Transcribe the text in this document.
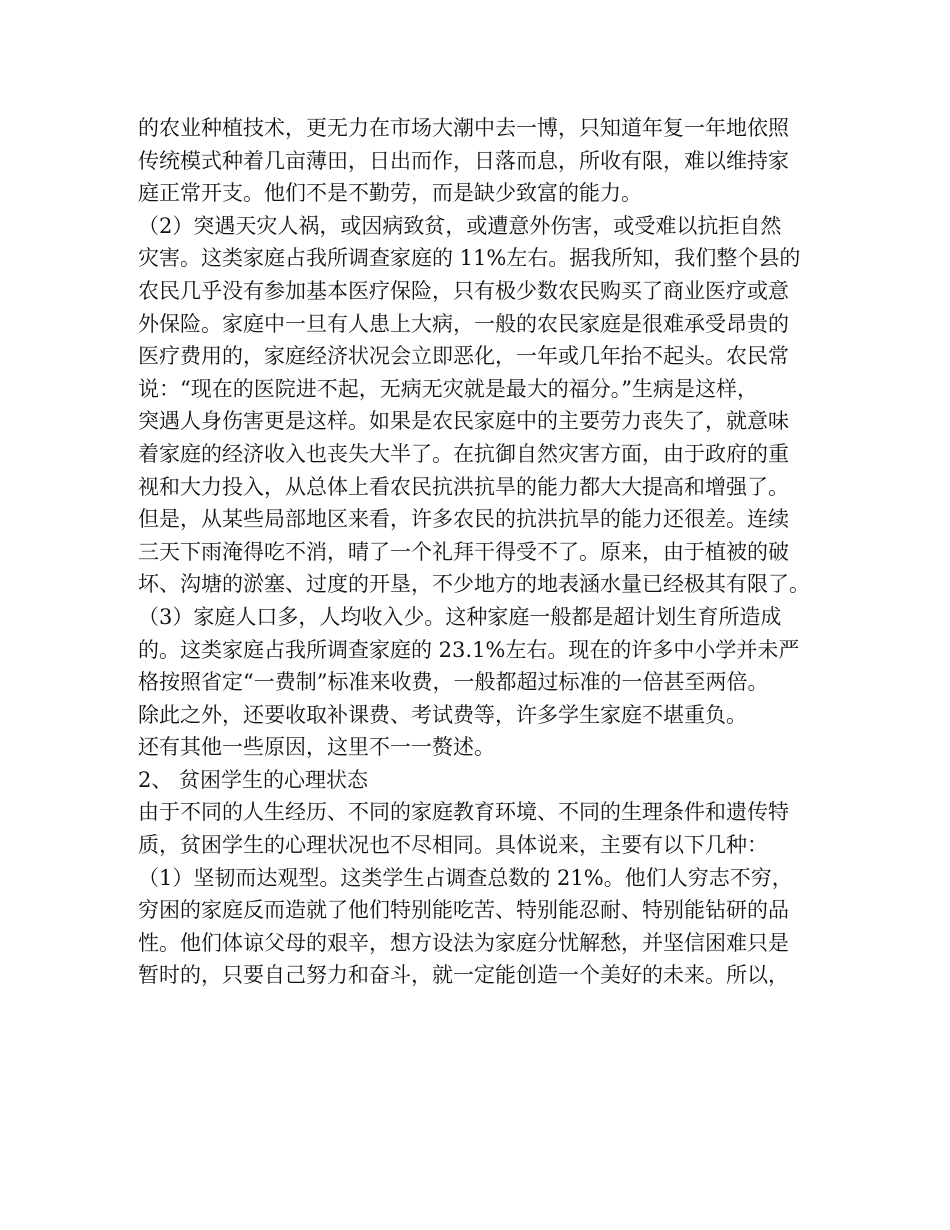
的农业种植技术，更无力在市场大潮中去一博，只知道年复一年地依照
传统模式种着几亩薄田，日出而作，日落而息，所收有限，难以维持家
庭正常开支。他们不是不勤劳，而是缺少致富的能力。
（2）突遇天灾人祸，或因病致贫，或遭意外伤害，或受难以抗拒自然
灾害。这类家庭占我所调查家庭的 11%左右。据我所知，我们整个县的
农民几乎没有参加基本医疗保险，只有极少数农民购买了商业医疗或意
外保险。家庭中一旦有人患上大病，一般的农民家庭是很难承受昂贵的
医疗费用的，家庭经济状况会立即恶化，一年或几年抬不起头。农民常
说：“现在的医院进不起，无病无灾就是最大的福分。”生病是这样，
突遇人身伤害更是这样。如果是农民家庭中的主要劳力丧失了，就意味
着家庭的经济收入也丧失大半了。在抗御自然灾害方面，由于政府的重
视和大力投入，从总体上看农民抗洪抗旱的能力都大大提高和增强了。
但是，从某些局部地区来看，许多农民的抗洪抗旱的能力还很差。连续
三天下雨淹得吃不消，晴了一个礼拜干得受不了。原来，由于植被的破
坏、沟塘的淤塞、过度的开垦，不少地方的地表涵水量已经极其有限了。
（3）家庭人口多，人均收入少。这种家庭一般都是超计划生育所造成
的。这类家庭占我所调查家庭的 23.1%左右。现在的许多中小学并未严
格按照省定“一费制”标准来收费，一般都超过标准的一倍甚至两倍。
除此之外，还要收取补课费、考试费等，许多学生家庭不堪重负。
还有其他一些原因，这里不一一赘述。
2、 贫困学生的心理状态
由于不同的人生经历、不同的家庭教育环境、不同的生理条件和遗传特
质，贫困学生的心理状况也不尽相同。具体说来，主要有以下几种：
（1）坚韧而达观型。这类学生占调查总数的 21%。他们人穷志不穷，
穷困的家庭反而造就了他们特别能吃苦、特别能忍耐、特别能钻研的品
性。他们体谅父母的艰辛，想方设法为家庭分忧解愁，并坚信困难只是
暂时的，只要自己努力和奋斗，就一定能创造一个美好的未来。所以，
